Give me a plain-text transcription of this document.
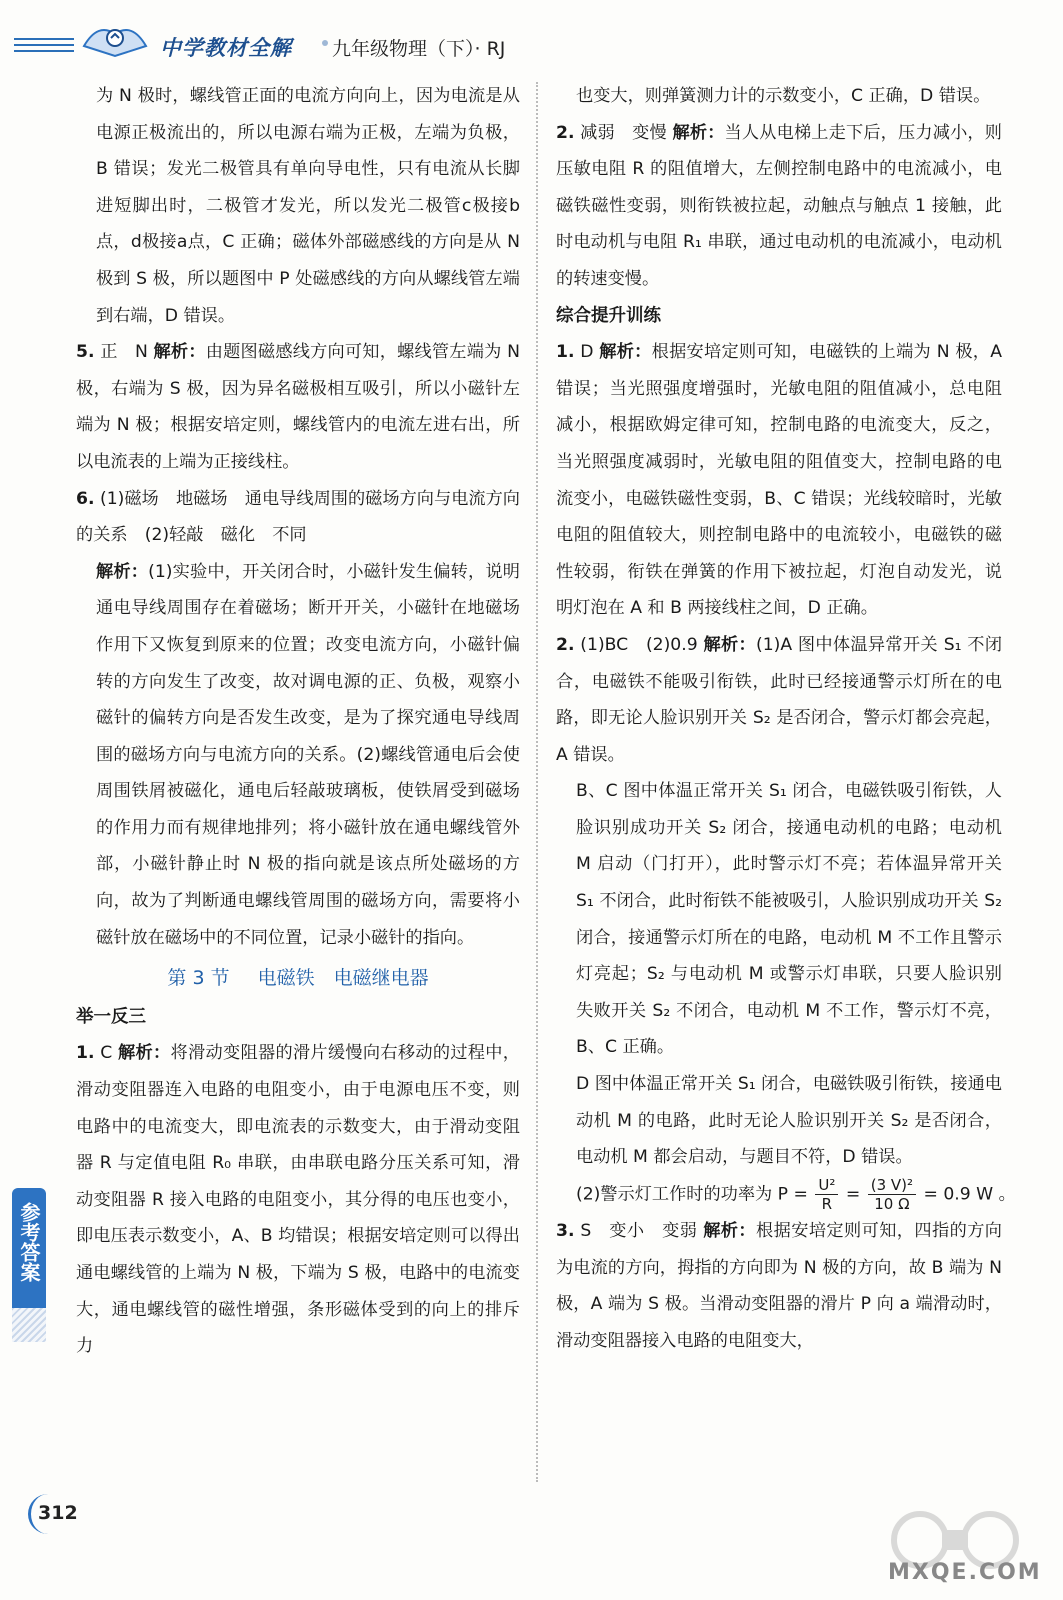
中学教材全解 九年级物理（下）· RJ

为 N 极时，螺线管正面的电流方向向上，因为电流是从电源正极流出的，所以电源右端为正极，左端为负极，B 错误；发光二极管具有单向导电性，只有电流从长脚进短脚出时，二极管才发光，所以发光二极管c极接b点，d极接a点，C 正确；磁体外部磁感线的方向是从 N 极到 S 极，所以题图中 P 处磁感线的方向从螺线管左端到右端，D 错误。

5. 正　N 解析：由题图磁感线方向可知，螺线管左端为 N 极，右端为 S 极，因为异名磁极相互吸引，所以小磁针左端为 N 极；根据安培定则，螺线管内的电流左进右出，所以电流表的上端为正接线柱。

6. (1)磁场　地磁场　通电导线周围的磁场方向与电流方向的关系　(2)轻敲　磁化　不同

解析：(1)实验中，开关闭合时，小磁针发生偏转，说明通电导线周围存在着磁场；断开开关，小磁针在地磁场作用下又恢复到原来的位置；改变电流方向，小磁针偏转的方向发生了改变，故对调电源的正、负极，观察小磁针的偏转方向是否发生改变，是为了探究通电导线周围的磁场方向与电流方向的关系。(2)螺线管通电后会使周围铁屑被磁化，通电后轻敲玻璃板，使铁屑受到磁场的作用力而有规律地排列；将小磁针放在通电螺线管外部，小磁针静止时 N 极的指向就是该点所处磁场的方向，故为了判断通电螺线管周围的磁场方向，需要将小磁针放在磁场中的不同位置，记录小磁针的指向。

第 3 节 电磁铁　电磁继电器
举一反三

1. C 解析：将滑动变阻器的滑片缓慢向右移动的过程中，滑动变阻器连入电路的电阻变小，由于电源电压不变，则电路中的电流变大，即电流表的示数变大，由于滑动变阻器 R 与定值电阻 R₀ 串联，由串联电路分压关系可知，滑动变阻器 R 接入电路的电阻变小，其分得的电压也变小，即电压表示数变小，A、B 均错误；根据安培定则可以得出通电螺线管的上端为 N 极，下端为 S 极，电路中的电流变大，通电螺线管的磁性增强，条形磁体受到的向上的排斥力

也变大，则弹簧测力计的示数变小，C 正确，D 错误。

2. 减弱　变慢 解析：当人从电梯上走下后，压力减小，则压敏电阻 R 的阻值增大，左侧控制电路中的电流减小，电磁铁磁性变弱，则衔铁被拉起，动触点与触点 1 接触，此时电动机与电阻 R₁ 串联，通过电动机的电流减小，电动机的转速变慢。

综合提升训练

1. D 解析：根据安培定则可知，电磁铁的上端为 N 极，A 错误；当光照强度增强时，光敏电阻的阻值减小，总电阻减小，根据欧姆定律可知，控制电路的电流变大，反之，当光照强度减弱时，光敏电阻的阻值变大，控制电路的电流变小，电磁铁磁性变弱，B、C 错误；光线较暗时，光敏电阻的阻值较大，则控制电路中的电流较小，电磁铁的磁性较弱，衔铁在弹簧的作用下被拉起，灯泡自动发光，说明灯泡在 A 和 B 两接线柱之间，D 正确。

2. (1)BC　(2)0.9 解析：(1)A 图中体温异常开关 S₁ 不闭合，电磁铁不能吸引衔铁，此时已经接通警示灯所在的电路，即无论人脸识别开关 S₂ 是否闭合，警示灯都会亮起，A 错误。

B、C 图中体温正常开关 S₁ 闭合，电磁铁吸引衔铁，人脸识别成功开关 S₂ 闭合，接通电动机的电路；电动机 M 启动（门打开），此时警示灯不亮；若体温异常开关 S₁ 不闭合，此时衔铁不能被吸引，人脸识别成功开关 S₂ 闭合，接通警示灯所在的电路，电动机 M 不工作且警示灯亮起；S₂ 与电动机 M 或警示灯串联，只要人脸识别失败开关 S₂ 不闭合，电动机 M 不工作，警示灯不亮，B、C 正确。

D 图中体温正常开关 S₁ 闭合，电磁铁吸引衔铁，接通电动机 M 的电路，此时无论人脸识别开关 S₂ 是否闭合，电动机 M 都会启动，与题目不符，D 错误。

(2)警示灯工作时的功率为 $P = \frac{\text{U²}}{R} = \frac{\text{(3 V)²}}{10 \Omega} = 0.9$ W 。

3. S　变小　变弱 解析：根据安培定则可知，四指的方向为电流的方向，拇指的方向即为 N 极的方向，故 B 端为 N 极，A 端为 S 极。当滑动变阻器的滑片 P 向 a 端滑动时，滑动变阻器接入电路的电阻变大，

参考答案
312
MXQE.COM
